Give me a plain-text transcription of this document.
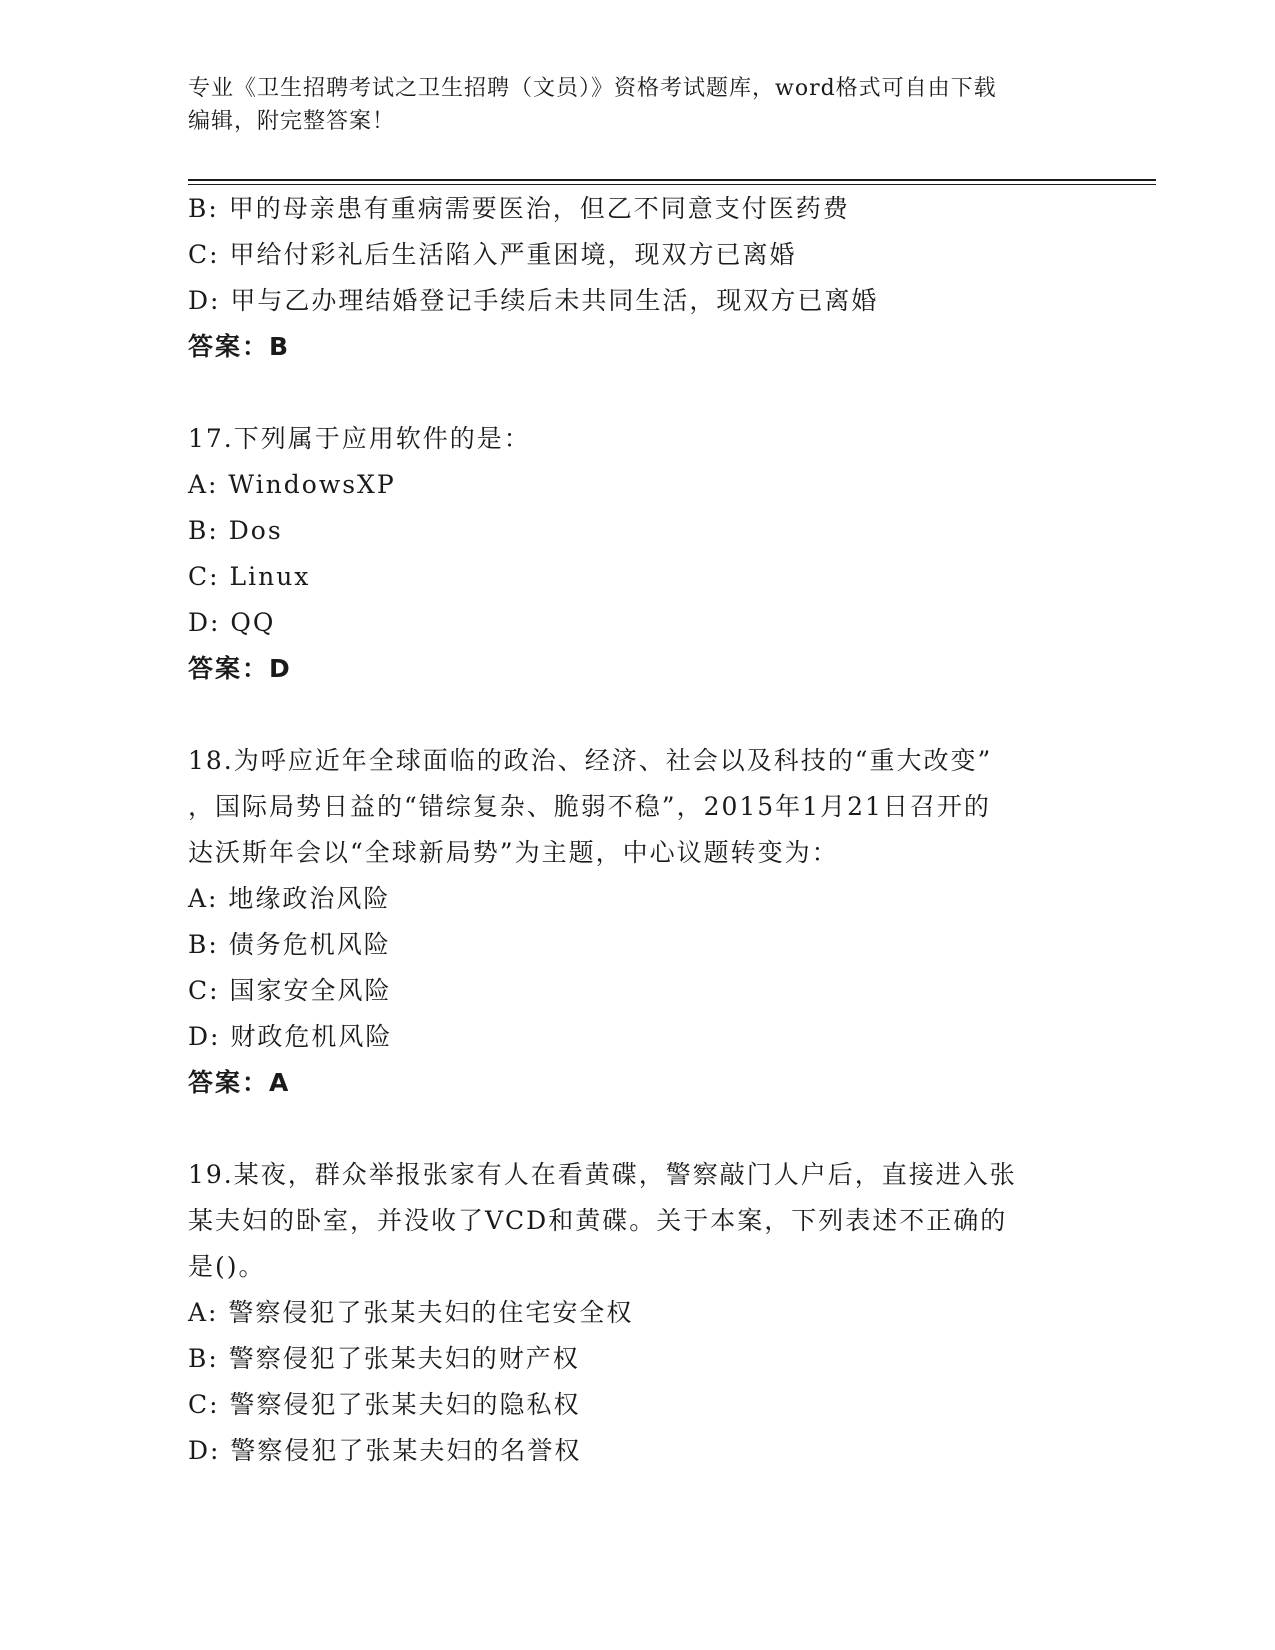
专业《卫生招聘考试之卫生招聘（文员）》资格考试题库，word格式可自由下载
编辑，附完整答案！
B: 甲的母亲患有重病需要医治，但乙不同意支付医药费
C: 甲给付彩礼后生活陷入严重困境，现双方已离婚
D: 甲与乙办理结婚登记手续后未共同生活，现双方已离婚
答案：B
17.下列属于应用软件的是：
A: WindowsXP
B: Dos
C: Linux
D: QQ
答案：D
18.为呼应近年全球面临的政治、经济、社会以及科技的“重大改变”
，国际局势日益的“错综复杂、脆弱不稳”，2015年1月21日召开的
达沃斯年会以“全球新局势”为主题，中心议题转变为：
A: 地缘政治风险
B: 债务危机风险
C: 国家安全风险
D: 财政危机风险
答案：A
19.某夜，群众举报张家有人在看黄碟，警察敲门人户后，直接进入张
某夫妇的卧室，并没收了VCD和黄碟。关于本案，下列表述不正确的
是()。
A: 警察侵犯了张某夫妇的住宅安全权
B: 警察侵犯了张某夫妇的财产权
C: 警察侵犯了张某夫妇的隐私权
D: 警察侵犯了张某夫妇的名誉权
